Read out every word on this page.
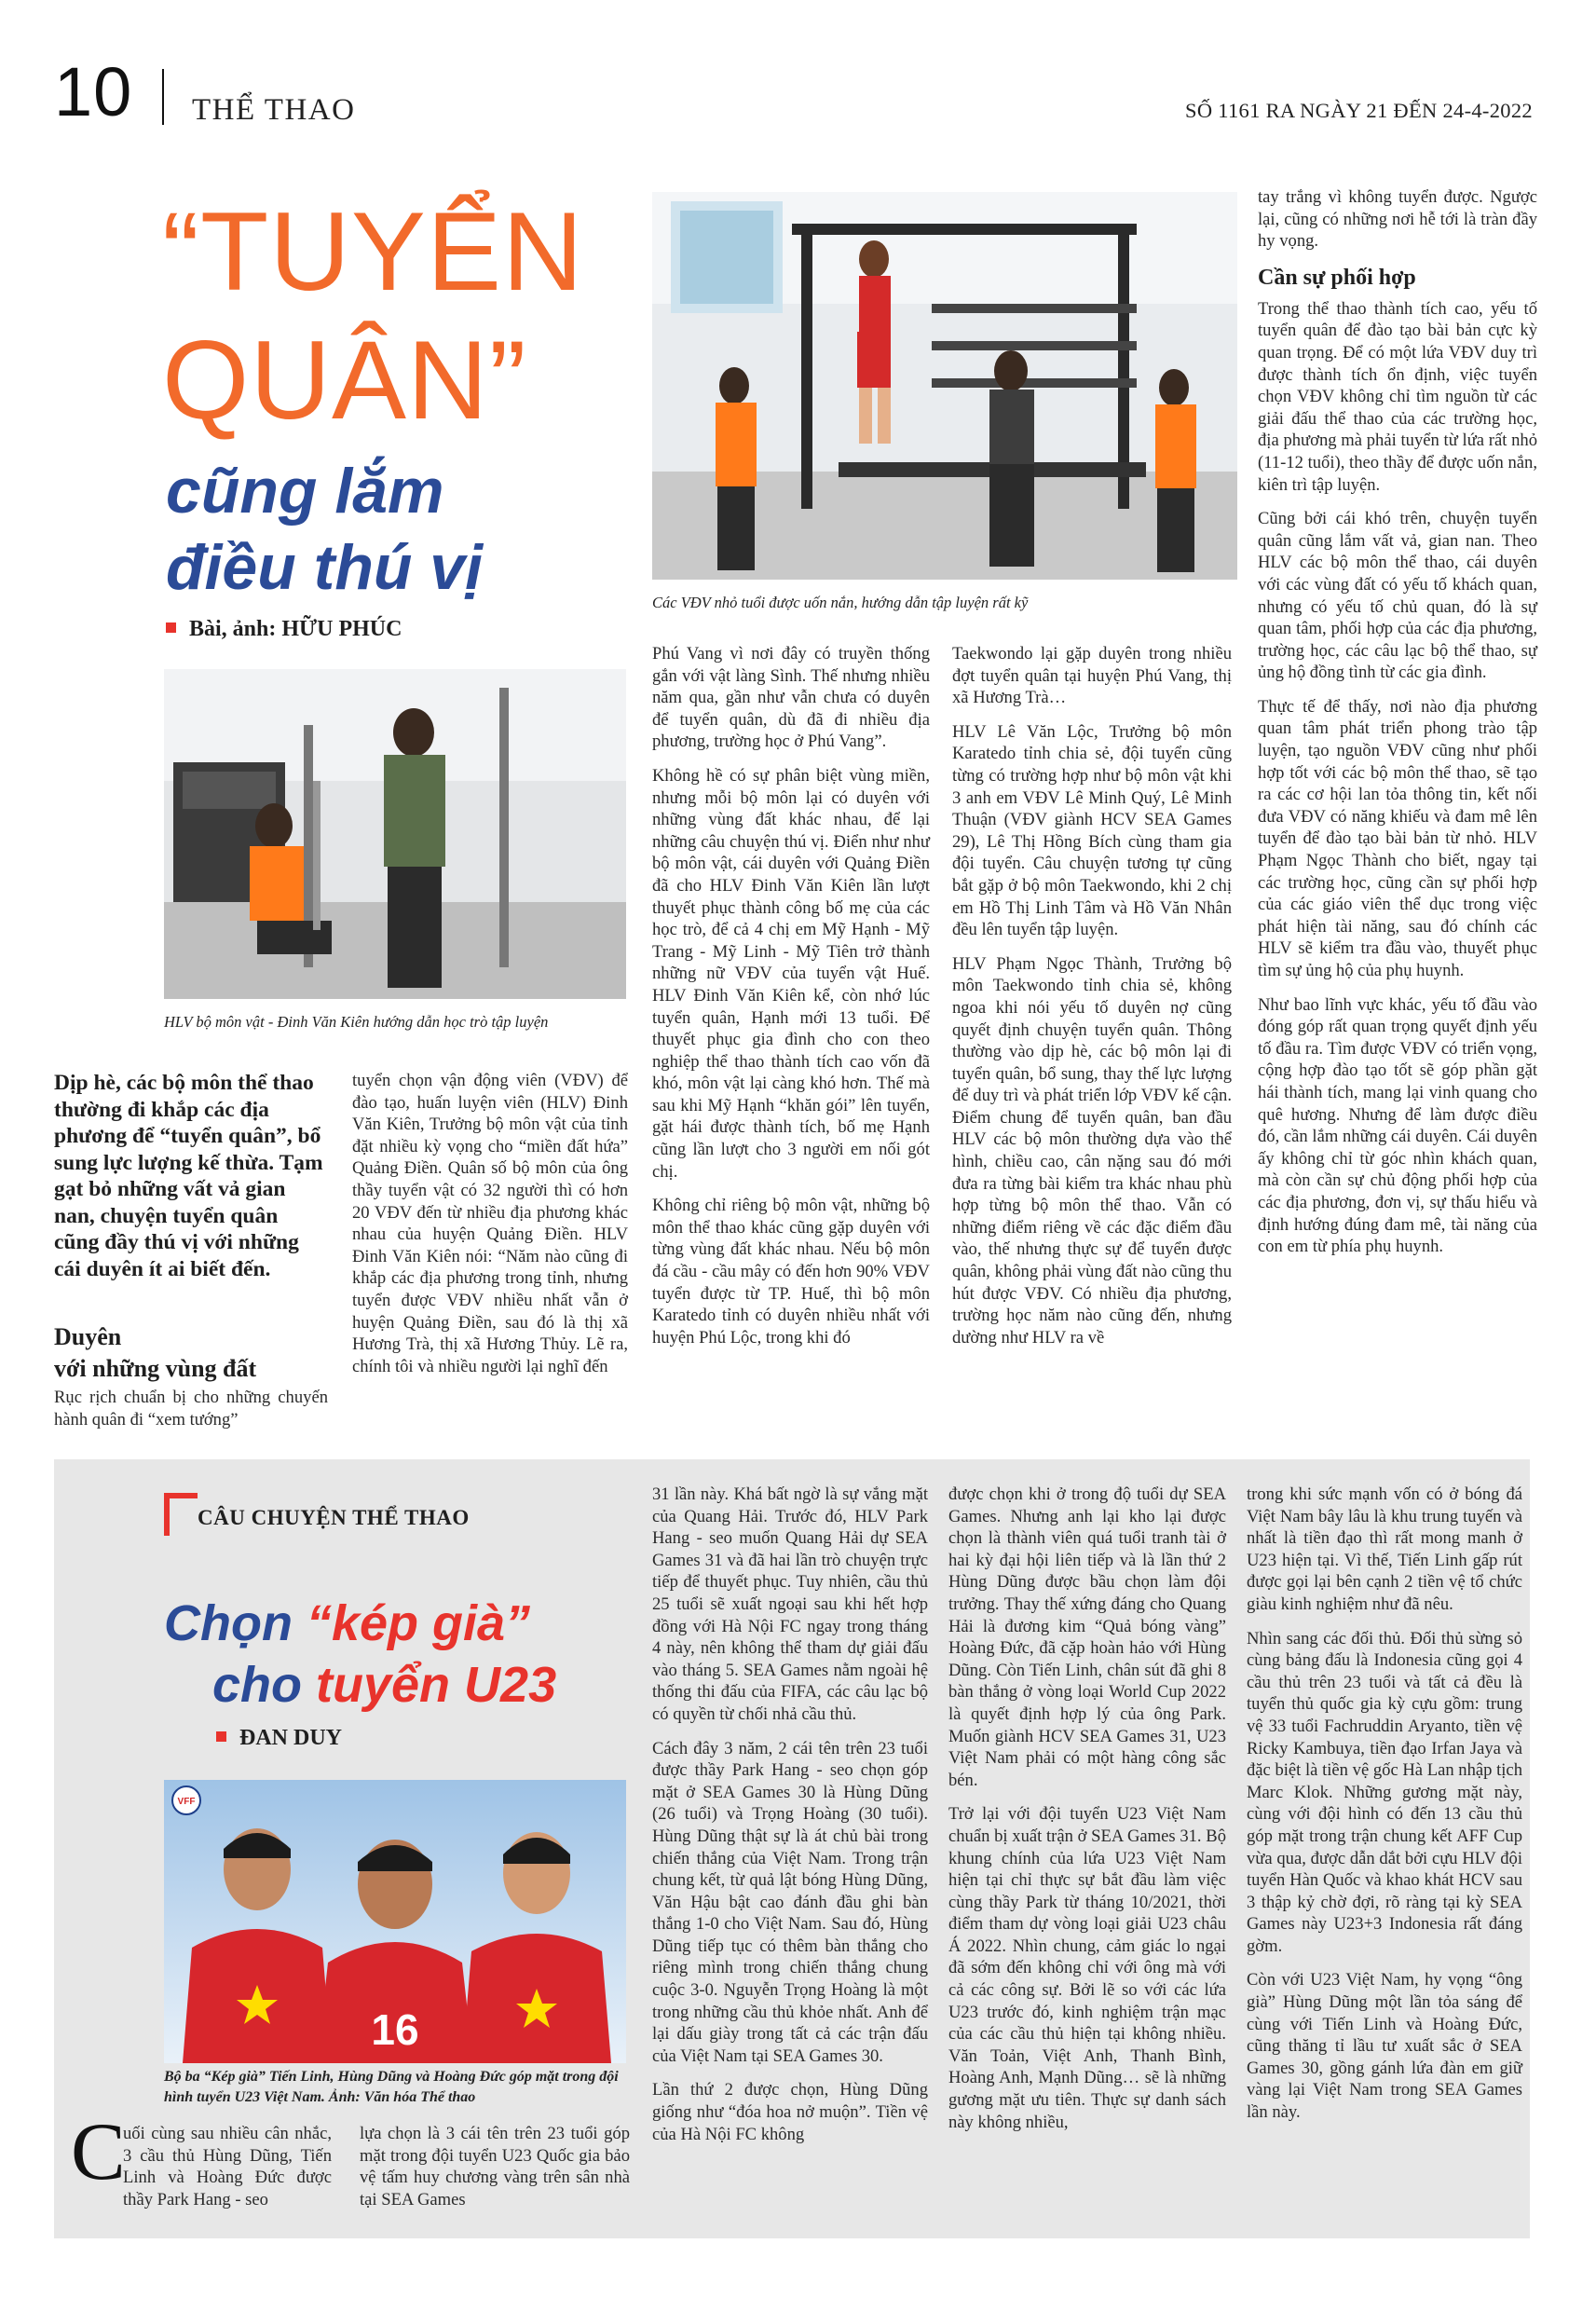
10 THỂ THAO	SỐ 1161 RA NGÀY 21 ĐẾN 24-4-2022
“TUYỂN
QUÂN”
cũng lắm
điều thú vị
Bài, ảnh: HỮU PHÚC
Các VĐV nhỏ tuổi được uốn nắn, hướng dẫn tập luyện rất kỹ
HLV bộ môn vật - Đinh Văn Kiên hướng dẫn học trò tập luyện
Dịp hè, các bộ môn thể thao thường đi khắp các địa phương để “tuyển quân”, bổ sung lực lượng kế thừa. Tạm gạt bỏ những vất vả gian nan, chuyện tuyển quân cũng đầy thú vị với những cái duyên ít ai biết đến.
Duyên
với những vùng đất

Rục rịch chuẩn bị cho những chuyến hành quân đi “xem tướng”

tuyển chọn vận động viên (VĐV) để đào tạo, huấn luyện viên (HLV) Đinh Văn Kiên, Trưởng bộ môn vật của tỉnh đặt nhiều kỳ vọng cho “miền đất hứa” Quảng Điền. Quân số bộ môn của ông thầy tuyển vật có 32 người thì có hơn 20 VĐV đến từ nhiều địa phương khác nhau của huyện Quảng Điền. HLV Đinh Văn Kiên nói: “Năm nào cũng đi khắp các địa phương trong tỉnh, nhưng tuyển được VĐV nhiều nhất vẫn ở huyện Quảng Điền, sau đó là thị xã Hương Trà, thị xã Hương Thủy. Lẽ ra, chính tôi và nhiều người lại nghĩ đến

Phú Vang vì nơi đây có truyền thống gắn với vật làng Sình. Thế nhưng nhiều năm qua, gần như vẫn chưa có duyên để tuyển quân, dù đã đi nhiều địa phương, trường học ở Phú Vang”.

Không hề có sự phân biệt vùng miền, nhưng mỗi bộ môn lại có duyên với những vùng đất khác nhau, để lại những câu chuyện thú vị. Điển như như bộ môn vật, cái duyên với Quảng Điền đã cho HLV Đinh Văn Kiên lần lượt thuyết phục thành công bố mẹ của các học trò, để cả 4 chị em Mỹ Hạnh - Mỹ Trang - Mỹ Linh - Mỹ Tiên trở thành những nữ VĐV của tuyển vật Huế. HLV Đinh Văn Kiên kể, còn nhớ lúc tuyển quân, Hạnh mới 13 tuổi. Để thuyết phục gia đình cho con theo nghiệp thể thao thành tích cao vốn đã khó, môn vật lại càng khó hơn. Thế mà sau khi Mỹ Hạnh “khăn gói” lên tuyển, gặt hái được thành tích, bố mẹ Hạnh cũng lần lượt cho 3 người em nối gót chị.

Không chỉ riêng bộ môn vật, những bộ môn thể thao khác cũng gặp duyên với từng vùng đất khác nhau. Nếu bộ môn đá cầu - cầu mây có đến hơn 90% VĐV tuyển được từ TP. Huế, thì bộ môn Karatedo tỉnh có duyên nhiều nhất với huyện Phú Lộc, trong khi đó

Taekwondo lại gặp duyên trong nhiều đợt tuyển quân tại huyện Phú Vang, thị xã Hương Trà…

HLV Lê Văn Lộc, Trưởng bộ môn Karatedo tỉnh chia sẻ, đội tuyển cũng từng có trường hợp như bộ môn vật khi 3 anh em VĐV Lê Minh Quý, Lê Minh Thuận (VĐV giành HCV SEA Games 29), Lê Thị Hồng Bích cùng tham gia đội tuyển. Câu chuyện tương tự cũng bắt gặp ở bộ môn Taekwondo, khi 2 chị em Hồ Thị Linh Tâm và Hồ Văn Nhân đều lên tuyển tập luyện.

HLV Phạm Ngọc Thành, Trưởng bộ môn Taekwondo tỉnh chia sẻ, không ngoa khi nói yếu tố duyên nợ cũng quyết định chuyện tuyển quân. Thông thường vào dịp hè, các bộ môn lại đi tuyển quân, bổ sung, thay thế lực lượng để duy trì và phát triển lớp VĐV kế cận. Điểm chung để tuyển quân, ban đầu HLV các bộ môn thường dựa vào thể hình, chiều cao, cân nặng sau đó mới đưa ra từng bài kiểm tra khác nhau phù hợp từng bộ môn thể thao. Vẫn có những điểm riêng về các đặc điểm đầu vào, thế nhưng thực sự để tuyển được quân, không phải vùng đất nào cũng thu hút được VĐV. Có nhiều địa phương, trường học năm nào cũng đến, nhưng dường như HLV ra về

tay trắng vì không tuyển được. Ngược lại, cũng có những nơi hễ tới là tràn đầy hy vọng.

Cần sự phối hợp

Trong thể thao thành tích cao, yếu tố tuyển quân để đào tạo bài bản cực kỳ quan trọng. Để có một lứa VĐV duy trì được thành tích ổn định, việc tuyển chọn VĐV không chỉ tìm nguồn từ các giải đấu thể thao của các trường học, địa phương mà phải tuyển từ lứa rất nhỏ (11-12 tuổi), theo thầy để được uốn nắn, kiên trì tập luyện.

Cũng bởi cái khó trên, chuyện tuyển quân cũng lắm vất vả, gian nan. Theo HLV các bộ môn thể thao, cái duyên với các vùng đất có yếu tố khách quan, nhưng có yếu tố chủ quan, đó là sự quan tâm, phối hợp của các địa phương, trường học, các câu lạc bộ thể thao, sự ủng hộ đồng tình từ các gia đình.

Thực tế để thấy, nơi nào địa phương quan tâm phát triển phong trào tập luyện, tạo nguồn VĐV cũng như phối hợp tốt với các bộ môn thể thao, sẽ tạo ra các cơ hội lan tỏa thông tin, kết nối đưa VĐV có năng khiếu và đam mê lên tuyển để đào tạo bài bản từ nhỏ. HLV Phạm Ngọc Thành cho biết, ngay tại các trường học, cũng cần sự phối hợp của các giáo viên thể dục trong việc phát hiện tài năng, sau đó chính các HLV sẽ kiểm tra đầu vào, thuyết phục tìm sự ủng hộ của phụ huynh.

Như bao lĩnh vực khác, yếu tố đầu vào đóng góp rất quan trọng quyết định yếu tố đầu ra. Tìm được VĐV có triển vọng, cộng hợp đào tạo tốt sẽ góp phần gặt hái thành tích, mang lại vinh quang cho quê hương. Nhưng để làm được điều đó, cần lắm những cái duyên. Cái duyên ấy không chỉ từ góc nhìn khách quan, mà còn cần sự chủ động phối hợp của các địa phương, đơn vị, sự thấu hiểu và định hướng đúng đam mê, tài năng của con em từ phía phụ huynh.

CÂU CHUYỆN THỂ THAO
Chọn “kép già”
cho tuyển U23
ĐAN DUY
VFF
16
Bộ ba “Kép già” Tiến Linh, Hùng Dũng và Hoàng Đức góp mặt trong đội hình tuyển U23 Việt Nam. Ảnh: Văn hóa Thể thao
C

uối cùng sau nhiều cân nhắc, 3 cầu thủ Hùng Dũng, Tiến Linh và Hoàng Đức được thầy Park Hang - seo

lựa chọn là 3 cái tên trên 23 tuổi góp mặt trong đội tuyển U23 Quốc gia bảo vệ tấm huy chương vàng trên sân nhà tại SEA Games

31 lần này. Khá bất ngờ là sự vắng mặt của Quang Hải. Trước đó, HLV Park Hang - seo muốn Quang Hải dự SEA Games 31 và đã hai lần trò chuyện trực tiếp để thuyết phục. Tuy nhiên, cầu thủ 25 tuổi sẽ xuất ngoại sau khi hết hợp đồng với Hà Nội FC ngay trong tháng 4 này, nên không thể tham dự giải đấu vào tháng 5. SEA Games nằm ngoài hệ thống thi đấu của FIFA, các câu lạc bộ có quyền từ chối nhả cầu thủ.

Cách đây 3 năm, 2 cái tên trên 23 tuổi được thầy Park Hang - seo chọn góp mặt ở SEA Games 30 là Hùng Dũng (26 tuổi) và Trọng Hoàng (30 tuổi). Hùng Dũng thật sự là át chủ bài trong chiến thắng của Việt Nam. Trong trận chung kết, từ quả lật bóng Hùng Dũng, Văn Hậu bật cao đánh đầu ghi bàn thắng 1-0 cho Việt Nam. Sau đó, Hùng Dũng tiếp tục có thêm bàn thắng cho riêng mình trong chiến thắng chung cuộc 3-0. Nguyễn Trọng Hoàng là một trong những cầu thủ khỏe nhất. Anh để lại dấu giày trong tất cả các trận đấu của Việt Nam tại SEA Games 30.

Lần thứ 2 được chọn, Hùng Dũng giống như “đóa hoa nở muộn”. Tiền vệ của Hà Nội FC không

được chọn khi ở trong độ tuổi dự SEA Games. Nhưng anh lại kho lại được chọn là thành viên quá tuổi tranh tài ở hai kỳ đại hội liên tiếp và là lần thứ 2 Hùng Dũng được bầu chọn làm đội trưởng. Thay thế xứng đáng cho Quang Hải là đương kim “Quả bóng vàng” Hoàng Đức, đã cặp hoàn hảo với Hùng Dũng. Còn Tiến Linh, chân sút đã ghi 8 bàn thắng ở vòng loại World Cup 2022 là quyết định hợp lý của ông Park. Muốn giành HCV SEA Games 31, U23 Việt Nam phải có một hàng công sắc bén.

Trở lại với đội tuyển U23 Việt Nam chuẩn bị xuất trận ở SEA Games 31. Bộ khung chính của lứa U23 Việt Nam hiện tại chỉ thực sự bắt đầu làm việc cùng thầy Park từ tháng 10/2021, thời điểm tham dự vòng loại giải U23 châu Á 2022. Nhìn chung, cảm giác lo ngại đã sớm đến không chỉ với ông mà với cả các công sự. Bởi lẽ so với các lứa U23 trước đó, kinh nghiệm trận mạc của các cầu thủ hiện tại không nhiều. Văn Toản, Việt Anh, Thanh Bình, Hoàng Anh, Mạnh Dũng… sẽ là những gương mặt ưu tiên. Thực sự danh sách này không nhiều,

trong khi sức mạnh vốn có ở bóng đá Việt Nam bây lâu là khu trung tuyến và nhất là tiền đạo thì rất mong manh ở U23 hiện tại. Vì thế, Tiến Linh gấp rút được gọi lại bên cạnh 2 tiền vệ tổ chức giàu kinh nghiệm như đã nêu.

Nhìn sang các đối thủ. Đối thủ sừng sỏ cùng bảng đấu là Indonesia cũng gọi 4 cầu thủ trên 23 tuổi và tất cả đều là tuyển thủ quốc gia kỳ cựu gồm: trung vệ 33 tuổi Fachruddin Aryanto, tiền vệ Ricky Kambuya, tiền đạo Irfan Jaya và đặc biệt là tiền vệ gốc Hà Lan nhập tịch Marc Klok. Những gương mặt này, cùng với đội hình có đến 13 cầu thủ góp mặt trong trận chung kết AFF Cup vừa qua, được dẫn dắt bởi cựu HLV đội tuyển Hàn Quốc và khao khát HCV sau 3 thập kỷ chờ đợi, rõ ràng tại kỳ SEA Games này U23+3 Indonesia rất đáng gờm.

Còn với U23 Việt Nam, hy vọng “ông già” Hùng Dũng một lần tỏa sáng để cùng với Tiến Linh và Hoàng Đức, cũng thăng tỉ lầu tư xuất sắc ở SEA Games 30, gồng gánh lứa đàn em giữ vàng lại Việt Nam trong SEA Games lần này.
